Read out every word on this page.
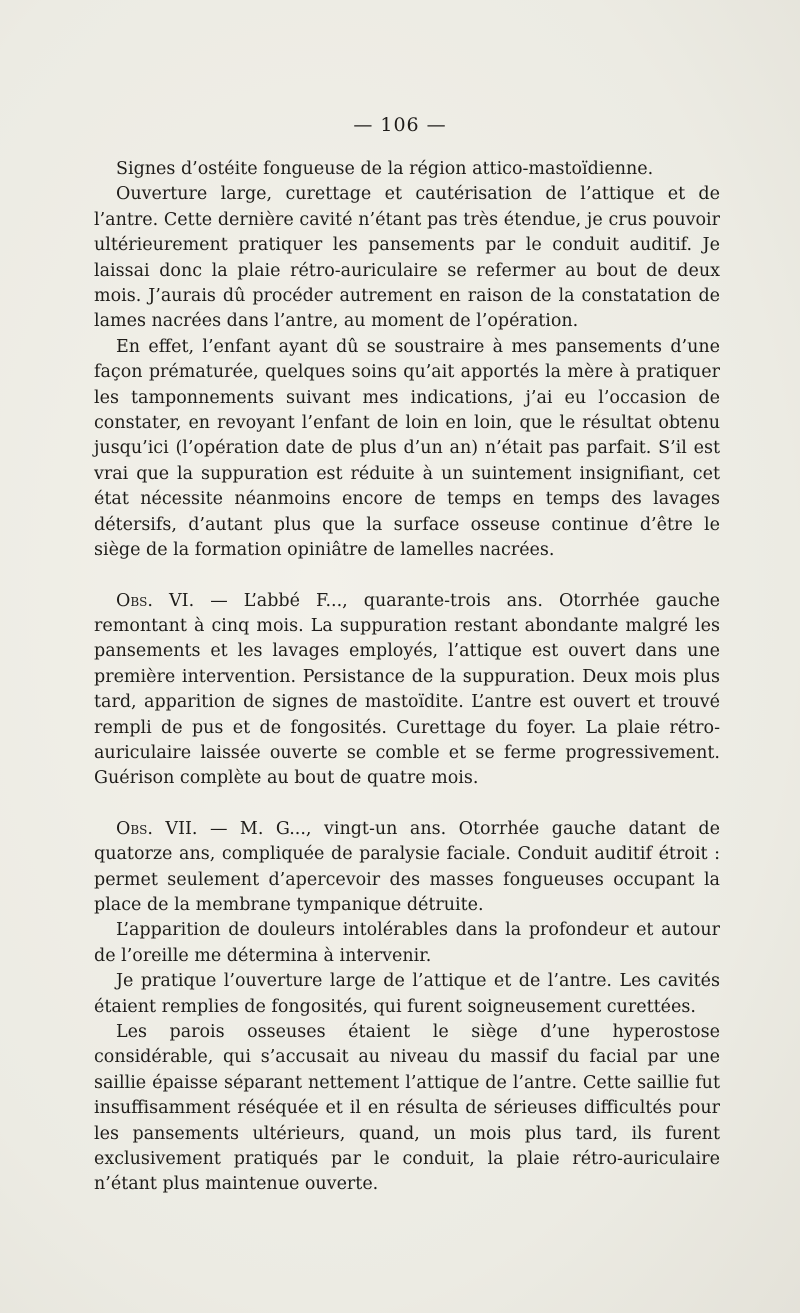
— 106 —

Signes d’ostéite fongueuse de la région attico-mastoïdienne.

Ouverture large, curettage et cautérisation de l’attique et de l’antre. Cette dernière cavité n’étant pas très étendue, je crus pouvoir ultérieurement pratiquer les pansements par le conduit auditif. Je laissai donc la plaie rétro-auriculaire se refermer au bout de deux mois. J’aurais dû procéder autrement en raison de la constatation de lames nacrées dans l’antre, au moment de l’opération.

En effet, l’enfant ayant dû se soustraire à mes pansements d’une façon prématurée, quelques soins qu’ait apportés la mère à pratiquer les tamponnements suivant mes indications, j’ai eu l’occasion de constater, en revoyant l’enfant de loin en loin, que le résultat obtenu jusqu’ici (l’opération date de plus d’un an) n’était pas parfait. S’il est vrai que la suppuration est réduite à un suintement insignifiant, cet état nécessite néanmoins encore de temps en temps des lavages détersifs, d’autant plus que la surface osseuse continue d’être le siège de la formation opiniâtre de lamelles nacrées.

Obs. VI. — L’abbé F..., quarante-trois ans. Otorrhée gauche remontant à cinq mois. La suppuration restant abondante malgré les pansements et les lavages employés, l’attique est ouvert dans une première intervention. Persistance de la suppuration. Deux mois plus tard, apparition de signes de mastoïdite. L’antre est ouvert et trouvé rempli de pus et de fongosités. Curettage du foyer. La plaie rétro-auriculaire laissée ouverte se comble et se ferme progressivement. Guérison complète au bout de quatre mois.

Obs. VII. — M. G..., vingt-un ans. Otorrhée gauche datant de quatorze ans, compliquée de paralysie faciale. Conduit auditif étroit : permet seulement d’apercevoir des masses fongueuses occupant la place de la membrane tympanique détruite.

L’apparition de douleurs intolérables dans la profondeur et autour de l’oreille me détermina à intervenir.

Je pratique l’ouverture large de l’attique et de l’antre. Les cavités étaient remplies de fongosités, qui furent soigneusement curettées.

Les parois osseuses étaient le siège d’une hyperostose considérable, qui s’accusait au niveau du massif du facial par une saillie épaisse séparant nettement l’attique de l’antre. Cette saillie fut insuffisamment réséquée et il en résulta de sérieuses difficultés pour les pansements ultérieurs, quand, un mois plus tard, ils furent exclusivement pratiqués par le conduit, la plaie rétro-auriculaire n’étant plus maintenue ouverte.
